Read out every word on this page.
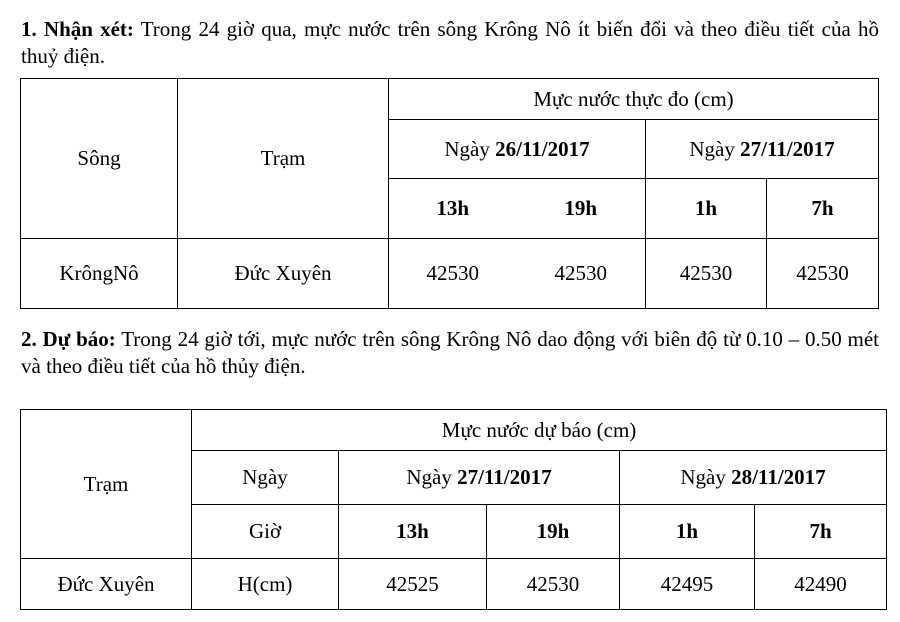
1. Nhận xét: Trong 24 giờ qua, mực nước trên sông Krông Nô ít biến đổi và theo điều tiết của hồ thuỷ điện.
Sông	Trạm	Mực nước thực đo (cm)			
		Ngày 26/11/2017		Ngày 27/11/2017	
		13h	19h	1h	7h
KrôngNô	Đức Xuyên	42530	42530	42530	42530
2. Dự báo: Trong 24 giờ tới, mực nước trên sông Krông Nô dao động với biên độ từ 0.10 – 0.50 mét và theo điều tiết của hồ thủy điện.
Trạm	Mực nước dự báo (cm)				
	Ngày	Ngày 27/11/2017		Ngày 28/11/2017	
	Giờ	13h	19h	1h	7h
Đức Xuyên	H(cm)	42525	42530	42495	42490
